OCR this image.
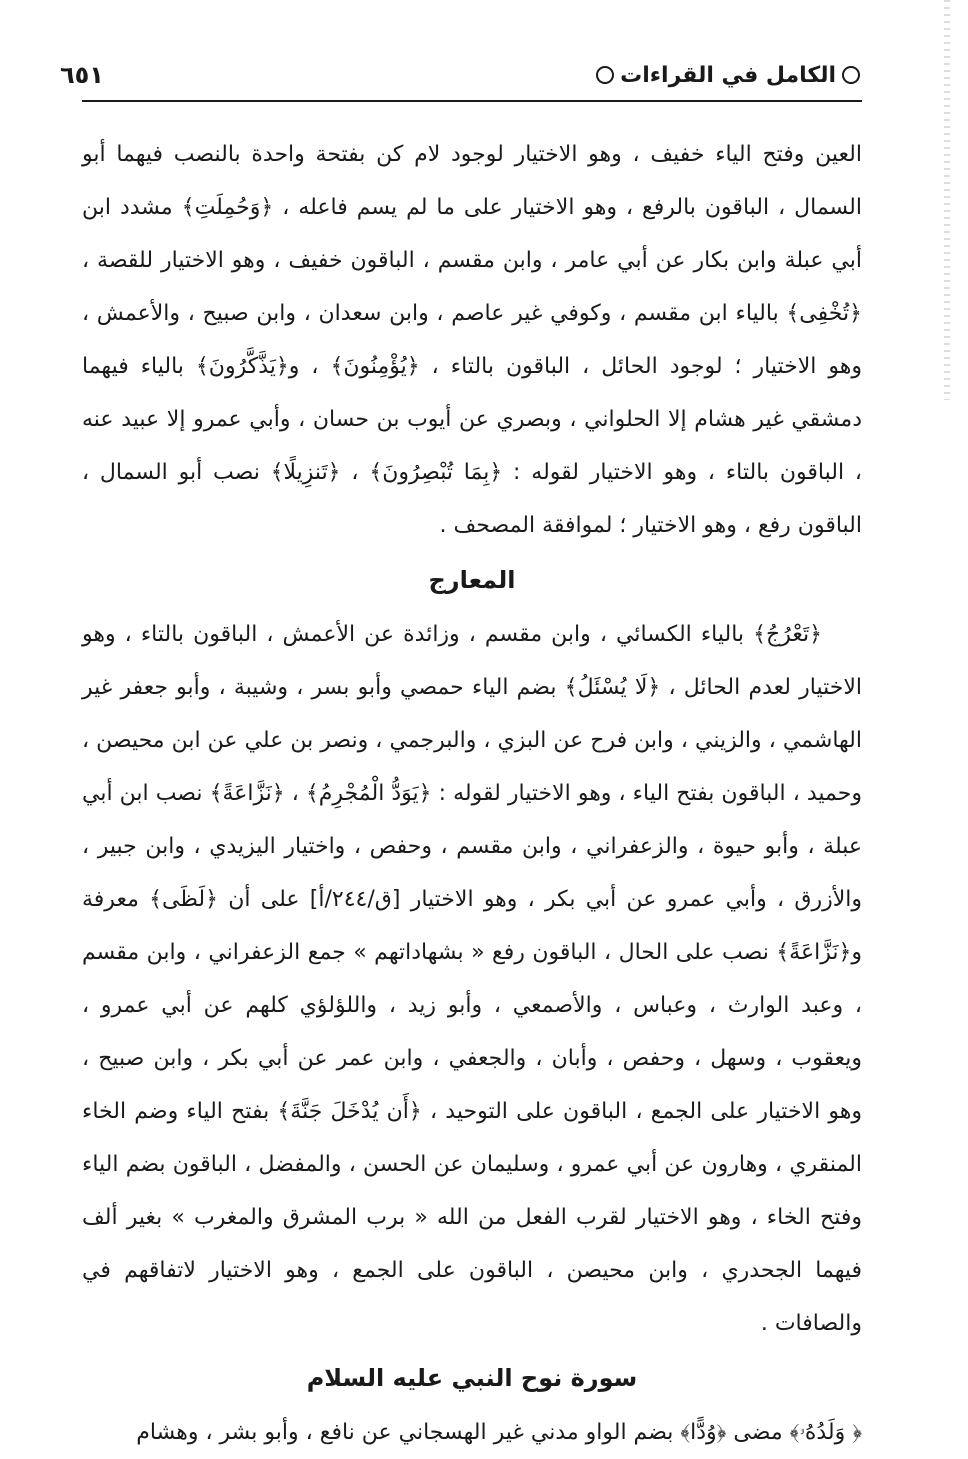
الكامل في القراءات
٦٥١

العين وفتح الياء خفيف ، وهو الاختيار لوجود لام كن بفتحة واحدة بالنصب فيهما أبو السمال ، الباقون بالرفع ، وهو الاختيار على ما لم يسم فاعله ، ﴿وَحُمِلَتِ﴾ مشدد ابن أبي عبلة وابن بكار عن أبي عامر ، وابن مقسم ، الباقون خفيف ، وهو الاختيار للقصة ، ﴿تُخْفِى﴾ بالياء ابن مقسم ، وكوفي غير عاصم ، وابن سعدان ، وابن صبيح ، والأعمش ، وهو الاختيار ؛ لوجود الحائل ، الباقون بالتاء ، ﴿يُؤْمِنُونَ﴾ ، و﴿يَذَّكَّرُونَ﴾ بالياء فيهما دمشقي غير هشام إلا الحلواني ، وبصري عن أيوب بن حسان ، وأبي عمرو إلا عبيد عنه ، الباقون بالتاء ، وهو الاختيار لقوله : ﴿بِمَا تُبْصِرُونَ﴾ ، ﴿تَنزِيلًا﴾ نصب أبو السمال ، الباقون رفع ، وهو الاختيار ؛ لموافقة المصحف .

المعارج

﴿تَعْرُجُ﴾ بالياء الكسائي ، وابن مقسم ، وزائدة عن الأعمش ، الباقون بالتاء ، وهو الاختيار لعدم الحائل ، ﴿لَا يُسْئَلُ﴾ بضم الياء حمصي وأبو بسر ، وشيبة ، وأبو جعفر غير الهاشمي ، والزيني ، وابن فرح عن البزي ، والبرجمي ، ونصر بن علي عن ابن محيصن ، وحميد ، الباقون بفتح الياء ، وهو الاختيار لقوله : ﴿يَوَدُّ الْمُجْرِمُ﴾ ، ﴿نَزَّاعَةً﴾ نصب ابن أبي عبلة ، وأبو حيوة ، والزعفراني ، وابن مقسم ، وحفص ، واختيار اليزيدي ، وابن جبير ، والأزرق ، وأبي عمرو عن أبي بكر ، وهو الاختيار [ق/٢٤٤/أ] على أن ﴿لَظَى﴾ معرفة و﴿نَزَّاعَةً﴾ نصب على الحال ، الباقون رفع « بشهاداتهم » جمع الزعفراني ، وابن مقسم ، وعبد الوارث ، وعباس ، والأصمعي ، وأبو زيد ، واللؤلؤي كلهم عن أبي عمرو ، ويعقوب ، وسهل ، وحفص ، وأبان ، والجعفي ، وابن عمر عن أبي بكر ، وابن صبيح ، وهو الاختيار على الجمع ، الباقون على التوحيد ، ﴿أَن يُدْخَلَ جَنَّةَ﴾ بفتح الياء وضم الخاء المنقري ، وهارون عن أبي عمرو ، وسليمان عن الحسن ، والمفضل ، الباقون بضم الياء وفتح الخاء ، وهو الاختيار لقرب الفعل من الله « برب المشرق والمغرب » بغير ألف فيهما الجحدري ، وابن محيصن ، الباقون على الجمع ، وهو الاختيار لاتفاقهم في والصافات .

سورة نوح النبي عليه السلام

﴿ وَلَدُهُۥ﴾ مضى ﴿وُدًّا﴾ بضم الواو مدني غير الهسجاني عن نافع ، وأبو بشر ، وهشام
